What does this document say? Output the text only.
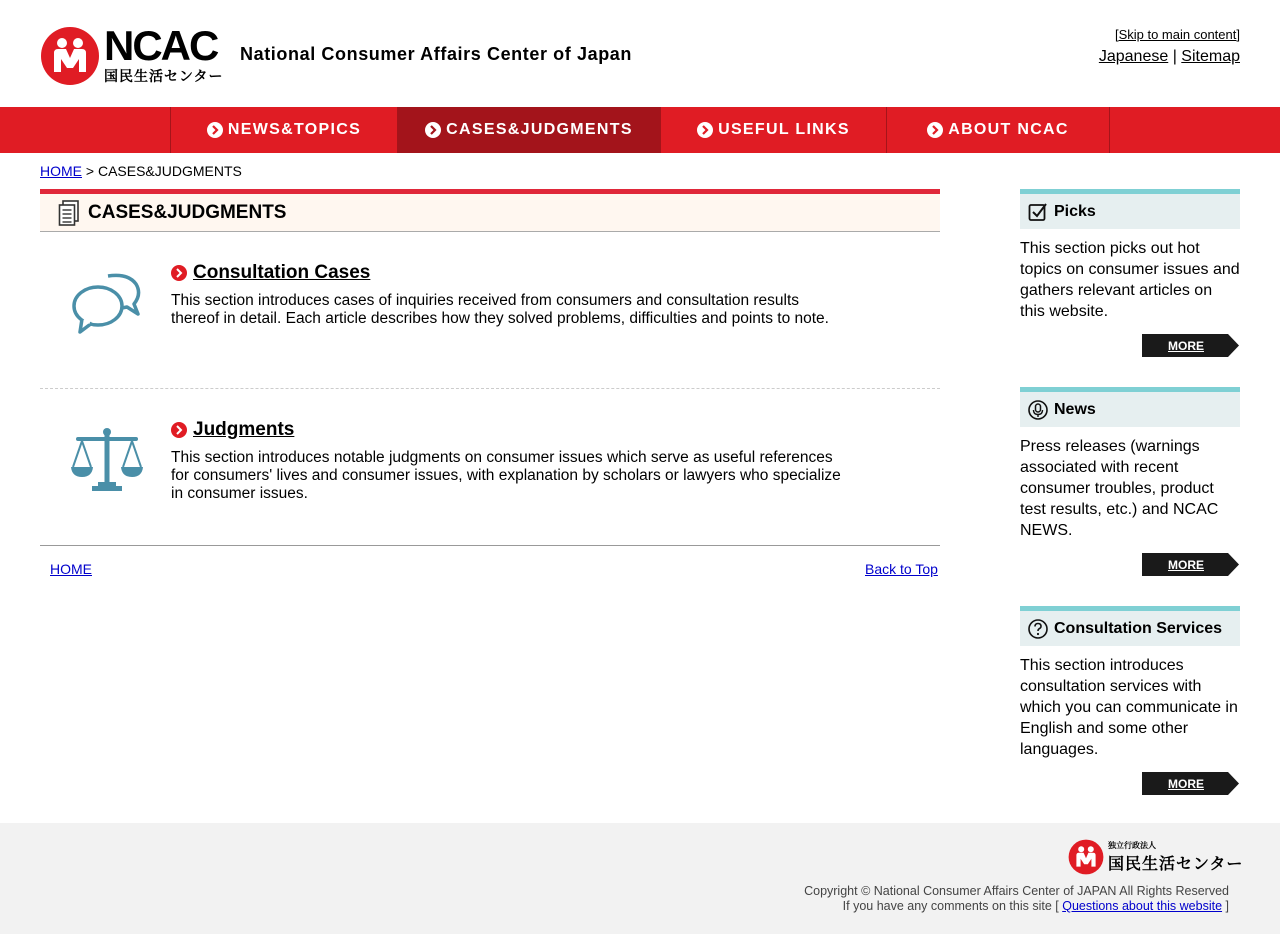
NCAC
国民生活センター
National Consumer Affairs Center of Japan
[Skip to main content]
Japanese | Sitemap
NEWS&TOPICS	CASES&JUDGMENTS	USEFUL LINKS	ABOUT NCAC
HOME > CASES&JUDGMENTS
CASES&JUDGMENTS
Consultation Cases
This section introduces cases of inquiries received from consumers and consultation results thereof in detail. Each article describes how they solved problems, difficulties and points to note.
Judgments
This section introduces notable judgments on consumer issues which serve as useful references for consumers' lives and consumer issues, with explanation by scholars or lawyers who specialize in consumer issues.
HOME	Back to Top
Picks
This section picks out hot topics on consumer issues and gathers relevant articles on this website.
MORE
News
Press releases (warnings associated with recent consumer troubles, product test results, etc.) and NCAC NEWS.
MORE
Consultation Services
This section introduces consultation services with which you can communicate in English and some other languages.
MORE
独立行政法人
国民生活センター
Copyright © National Consumer Affairs Center of JAPAN All Rights Reserved
If you have any comments on this site [ Questions about this website ]
